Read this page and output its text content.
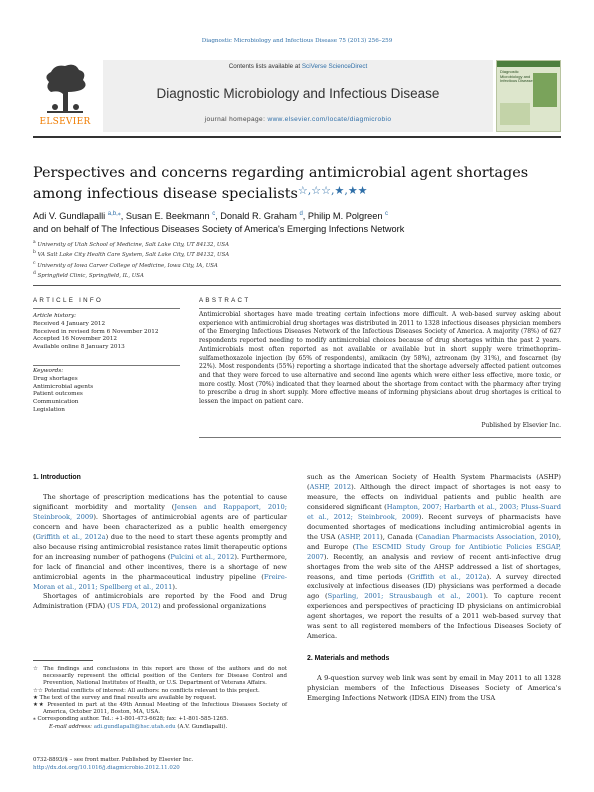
Diagnostic Microbiology and Infectious Disease 75 (2013) 256–259
ELSEVIER
Contents lists available at SciVerse ScienceDirect
Diagnostic Microbiology and Infectious Disease
journal homepage: www.elsevier.com/locate/diagmicrobio
Diagnostic Microbiology and Infectious Disease
Perspectives and concerns regarding antimicrobial agent shortages among infectious disease specialists☆,☆☆,★,★★
Adi V. Gundlapalli $^{a,b,⁎}$, Susan E. Beekmann $^c$, Donald R. Graham $^d$, Philip M. Polgreen $^c$
and on behalf of The Infectious Diseases Society of America's Emerging Infections Network
$^a$ University of Utah School of Medicine, Salt Lake City, UT 84132, USA
$^b$ VA Salt Lake City Health Care System, Salt Lake City, UT 84132, USA
$^c$ University of Iowa Carver College of Medicine, Iowa City, IA, USA
$^d$ Springfield Clinic, Springfield, IL, USA
ARTICLE INFO	ABSTRACT
Article history:
Received 4 January 2012
Received in revised form 6 November 2012
Accepted 16 November 2012
Available online 8 January 2013
Keywords:
Drug shortages
Antimicrobial agents
Patient outcomes
Communication
Legislation
Antimicrobial shortages have made treating certain infections more difficult. A web-based survey asking about experience with antimicrobial drug shortages was distributed in 2011 to 1328 infectious diseases physician members of the Emerging Infectious Diseases Network of the Infectious Diseases Society of America. A majority (78%) of 627 respondents reported needing to modify antimicrobial choices because of drug shortages within the past 2 years. Antimicrobials most often reported as not available or available but in short supply were trimethoprim–sulfamethoxazole injection (by 65% of respondents), amikacin (by 58%), aztreonam (by 31%), and foscarnet (by 22%). Most respondents (55%) reporting a shortage indicated that the shortage adversely affected patient outcomes and that they were forced to use alternative and second line agents which were either less effective, more toxic, or more costly. Most (70%) indicated that they learned about the shortage from contact with the pharmacy after trying to prescribe a drug in short supply. More effective means of informing physicians about drug shortages is critical to lessen the impact on patient care.
Published by Elsevier Inc.
1. Introduction

The shortage of prescription medications has the potential to cause significant morbidity and mortality (Jensen and Rappaport, 2010; Steinbrook, 2009). Shortages of antimicrobial agents are of particular concern and have been characterized as a public health emergency (Griffith et al., 2012a) due to the need to start these agents promptly and also because rising antimicrobial resistance rates limit therapeutic options for an increasing number of pathogens (Pulcini et al., 2012). Furthermore, for lack of financial and other incentives, there is a shortage of new antimicrobial agents in the pharmaceutical industry pipeline (Freire-Moran et al., 2011; Spellberg et al., 2011).

Shortages of antimicrobials are reported by the Food and Drug Administration (FDA) (US FDA, 2012) and professional organizations

such as the American Society of Health System Pharmacists (ASHP) (ASHP, 2012). Although the direct impact of shortages is not easy to measure, the effects on individual patients and public health are considered significant (Hampton, 2007; Harbarth et al., 2003; Pluss-Suard et al., 2012; Steinbrook, 2009). Recent surveys of pharmacists have documented shortages of medications including antimicrobial agents in the USA (ASHP, 2011), Canada (Canadian Pharmacists Association, 2010), and Europe (The ESCMID Study Group for Antibiotic Policies ESGAP, 2007). Recently, an analysis and review of recent anti-infective drug shortages from the web site of the AHSP addressed a list of shortages, reasons, and time periods (Griffith et al., 2012a). A survey directed exclusively at infectious diseases (ID) physicians was performed a decade ago (Sparling, 2001; Strausbaugh et al., 2001). To capture recent experiences and perspectives of practicing ID physicians on antimicrobial agent shortages, we report the results of a 2011 web-based survey that was sent to all registered members of the Infectious Diseases Society of America.

2. Materials and methods

A 9-question survey web link was sent by email in May 2011 to all 1328 physician members of the Infectious Diseases Society of America's Emerging Infections Network (IDSA EIN) from the USA

☆ The findings and conclusions in this report are those of the authors and do not necessarily represent the official position of the Centers for Disease Control and Prevention, National Institutes of Health, or U.S. Department of Veterans Affairs.
☆☆ Potential conflicts of interest: All authors: no conflicts relevant to this project.
★ The text of the survey and final results are available by request.
★★ Presented in part at the 49th Annual Meeting of the Infectious Diseases Society of America, October 2011, Boston, MA, USA.
⁎ Corresponding author. Tel.: +1-801-473-6628; fax: +1-801-585-1265.
E-mail address: adi.gundlapalli@hsc.utah.edu (A.V. Gundlapalli).
0732-8893/$ – see front matter. Published by Elsevier Inc.
http://dx.doi.org/10.1016/j.diagmicrobio.2012.11.020
